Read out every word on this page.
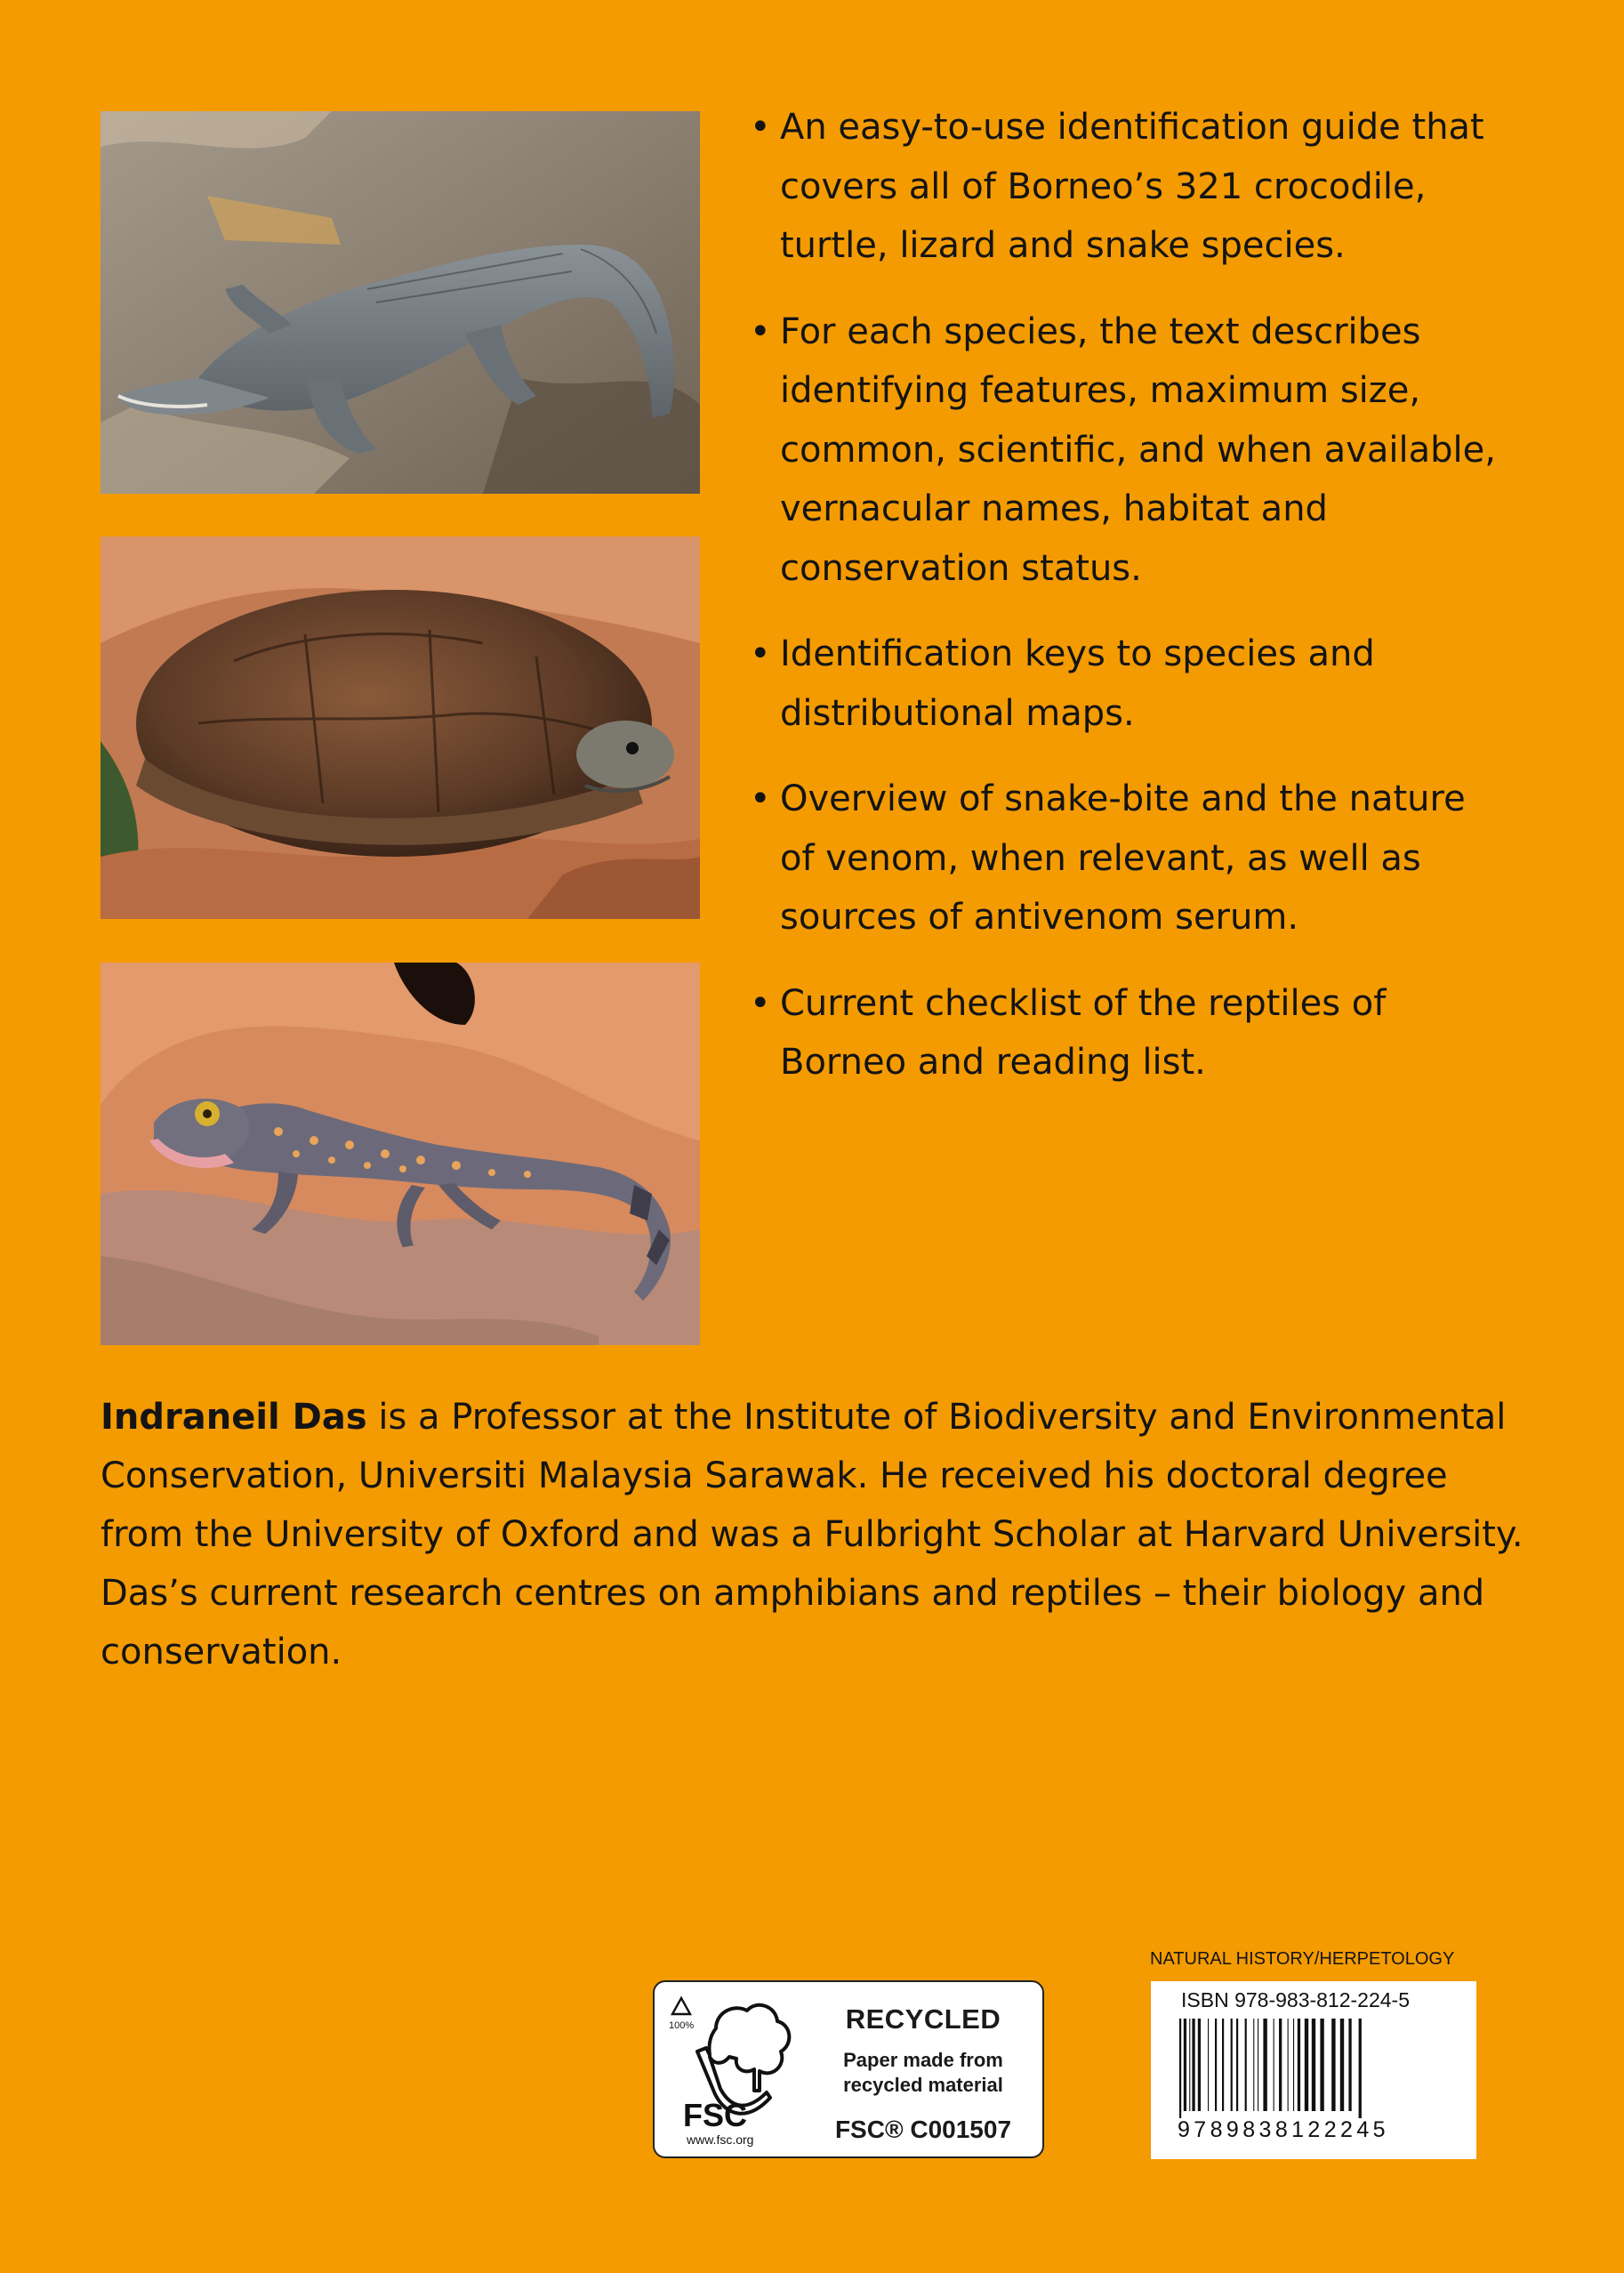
• An easy-to-use identification guide that covers all of Borneo’s 321 crocodile, turtle, lizard and snake species.
• For each species, the text describes identifying features, maximum size, common, scientific, and when available, vernacular names, habitat and conservation status.
• Identification keys to species and distributional maps.
• Overview of snake-bite and the nature of venom, when relevant, as well as sources of antivenom serum.
• Current checklist of the reptiles of Borneo and reading list.

Indraneil Das is a Professor at the Institute of Biodiversity and Environmental Conservation, Universiti Malaysia Sarawak. He received his doctoral degree from the University of Oxford and was a Fulbright Scholar at Harvard University. Das’s current research centres on amphibians and reptiles – their biology and conservation.

100%
FSC
www.fsc.org
RECYCLED
Paper made from
recycled material
FSC® C001507
NATURAL HISTORY/HERPETOLOGY
ISBN 978-983-812-224-5
9789838122245
